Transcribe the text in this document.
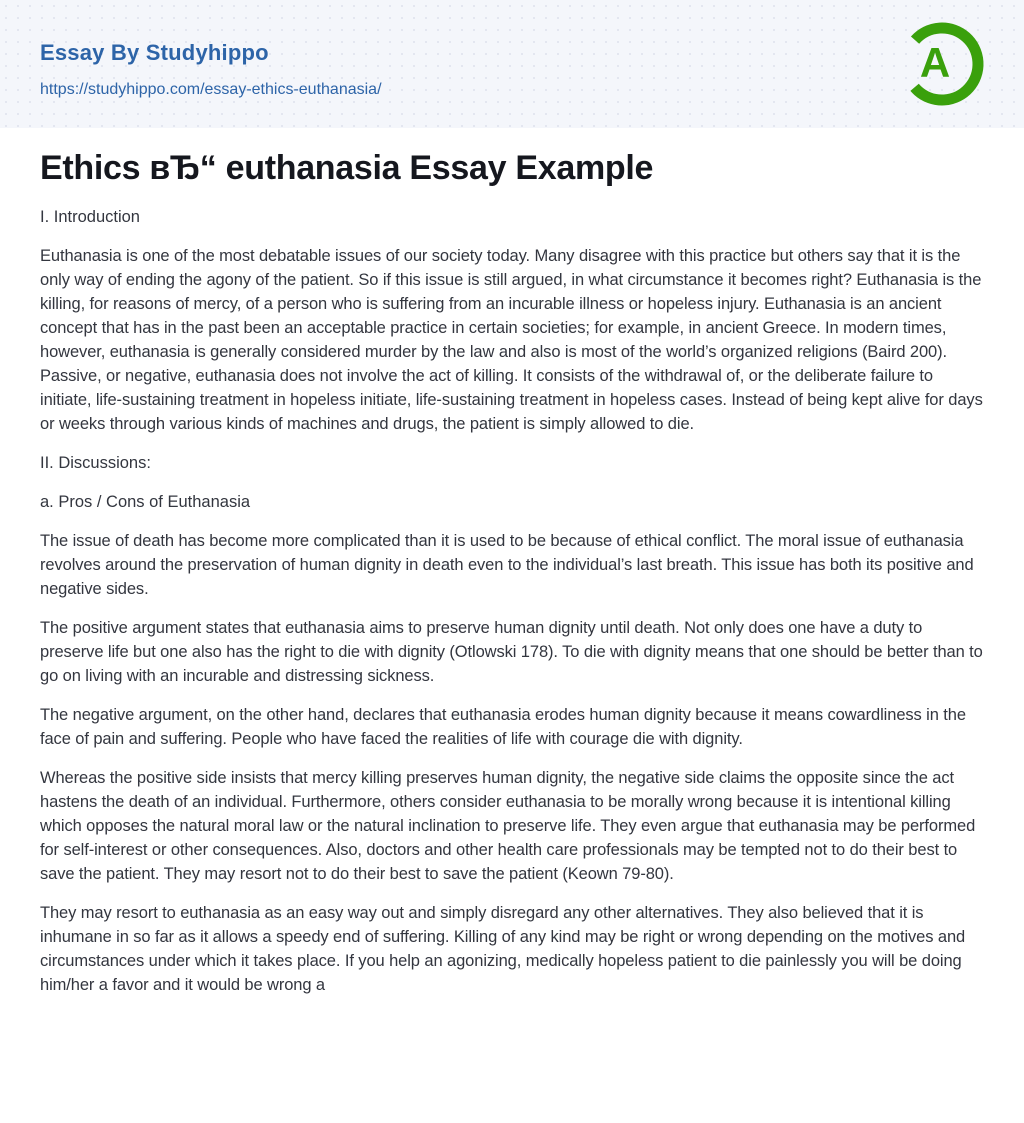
Essay By Studyhippo
https://studyhippo.com/essay-ethics-euthanasia/
A
Ethics вЂ“ euthanasia Essay Example
I. Introduction

Euthanasia is one of the most debatable issues of our society today. Many disagree with this practice but others say that it is the only way of ending the agony of the patient. So if this issue is still argued, in what circumstance it becomes right? Euthanasia is the killing, for reasons of mercy, of a person who is suffering from an incurable illness or hopeless injury. Euthanasia is an ancient concept that has in the past been an acceptable practice in certain societies; for example, in ancient Greece. In modern times, however, euthanasia is generally considered murder by the law and also is most of the world’s organized religions (Baird 200). Passive, or negative, euthanasia does not involve the act of killing. It consists of the withdrawal of, or the deliberate failure to initiate, life-sustaining treatment in hopeless initiate, life-sustaining treatment in hopeless cases. Instead of being kept alive for days or weeks through various kinds of machines and drugs, the patient is simply allowed to die.

II. Discussions:
a. Pros / Cons of Euthanasia

The issue of death has become more complicated than it is used to be because of ethical conflict. The moral issue of euthanasia revolves around the preservation of human dignity in death even to the individual’s last breath. This issue has both its positive and negative sides.

The positive argument states that euthanasia aims to preserve human dignity until death. Not only does one have a duty to preserve life but one also has the right to die with dignity (Otlowski 178). To die with dignity means that one should be better than to go on living with an incurable and distressing sickness.

The negative argument, on the other hand, declares that euthanasia erodes human dignity because it means cowardliness in the face of pain and suffering. People who have faced the realities of life with courage die with dignity.

Whereas the positive side insists that mercy killing preserves human dignity, the negative side claims the opposite since the act hastens the death of an individual. Furthermore, others consider euthanasia to be morally wrong because it is intentional killing which opposes the natural moral law or the natural inclination to preserve life. They even argue that euthanasia may be performed for self-interest or other consequences. Also, doctors and other health care professionals may be tempted not to do their best to save the patient. They may resort not to do their best to save the patient (Keown 79-80).

They may resort to euthanasia as an easy way out and simply disregard any other alternatives. They also believed that it is inhumane in so far as it allows a speedy end of suffering. Killing of any kind may be right or wrong depending on the motives and circumstances under which it takes place. If you help an agonizing, medically hopeless patient to die painlessly you will be doing him/her a favor and it would be wrong a
